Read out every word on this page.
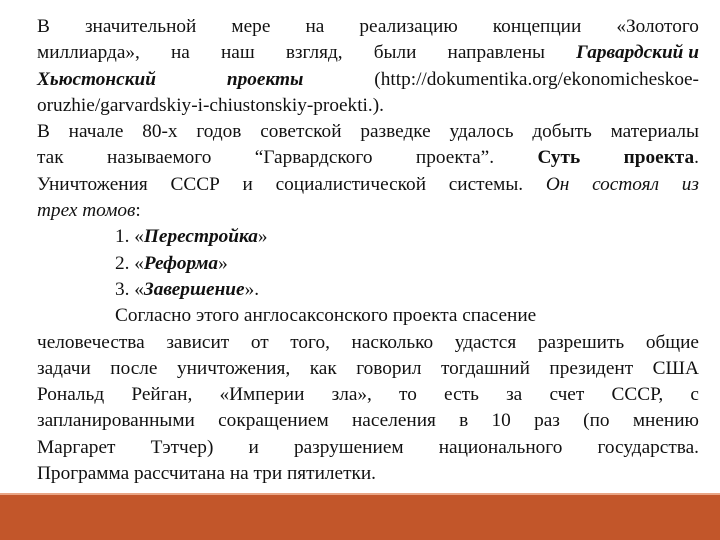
В значительной мере на реализацию концепции «Золотого
миллиарда», на наш взгляд, были направлены Гарвардский и
Хьюстонский	проекты	(http://dokumentika.org/ekonomicheskoe-
oruzhie/garvardskiy-i-chiustonskiy-proekti.).
В начале 80-х годов советской разведке удалось добыть материалы
так называемого “Гарвардского проекта”. Суть проекта.
Уничтожения СССР и социалистической системы. Он состоял из
трех томов:
1. «Перестройка»
2. «Реформа»
3. «Завершение».
Согласно этого англосаксонского проекта спасение
человечества зависит от того, насколько удастся разрешить общие
задачи после уничтожения, как говорил тогдашний президент США
Рональд Рейган, «Империи зла», то есть за счет СССР, с
запланированными сокращением населения в 10 раз (по мнению
Маргарет Тэтчер) и разрушением национального государства.
Программа рассчитана на три пятилетки.
